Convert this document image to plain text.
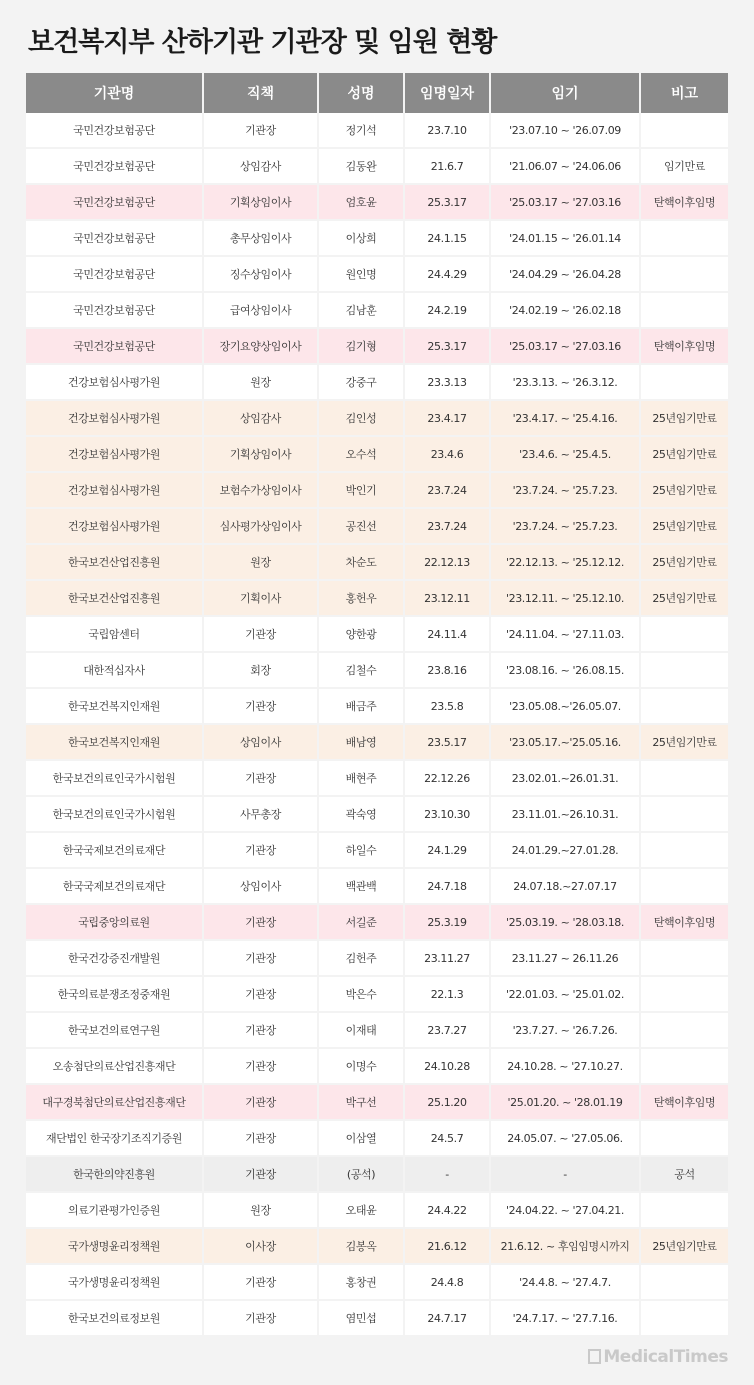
보건복지부 산하기관 기관장 및 임원 현황
기관명	직책	성명	임명일자	임기	비고
국민건강보험공단	기관장	정기석	23.7.10	'23.07.10 ~ '26.07.09	
국민건강보험공단	상임감사	김동완	21.6.7	'21.06.07 ~ '24.06.06	임기만료
국민건강보험공단	기획상임이사	엄호윤	25.3.17	'25.03.17 ~ '27.03.16	탄핵이후임명
국민건강보험공단	총무상임이사	이상희	24.1.15	'24.01.15 ~ '26.01.14	
국민건강보험공단	징수상임이사	원인명	24.4.29	'24.04.29 ~ '26.04.28	
국민건강보험공단	급여상임이사	김남훈	24.2.19	'24.02.19 ~ '26.02.18	
국민건강보험공단	장기요양상임이사	김기형	25.3.17	'25.03.17 ~ '27.03.16	탄핵이후임명
건강보험심사평가원	원장	강중구	23.3.13	'23.3.13. ~ '26.3.12.	
건강보험심사평가원	상임감사	김인성	23.4.17	'23.4.17. ~ '25.4.16.	25년임기만료
건강보험심사평가원	기획상임이사	오수석	23.4.6	'23.4.6. ~ '25.4.5.	25년임기만료
건강보험심사평가원	보험수가상임이사	박인기	23.7.24	'23.7.24. ~ '25.7.23.	25년임기만료
건강보험심사평가원	심사평가상임이사	공진선	23.7.24	'23.7.24. ~ '25.7.23.	25년임기만료
한국보건산업진흥원	원장	차순도	22.12.13	'22.12.13. ~ '25.12.12.	25년임기만료
한국보건산업진흥원	기획이사	홍헌우	23.12.11	'23.12.11. ~ '25.12.10.	25년임기만료
국립암센터	기관장	양한광	24.11.4	'24.11.04. ~ '27.11.03.	
대한적십자사	회장	김철수	23.8.16	'23.08.16. ~ '26.08.15.	
한국보건복지인재원	기관장	배금주	23.5.8	'23.05.08.~'26.05.07.	
한국보건복지인재원	상임이사	배남영	23.5.17	'23.05.17.~'25.05.16.	25년임기만료
한국보건의료인국가시험원	기관장	배현주	22.12.26	23.02.01.~26.01.31.	
한국보건의료인국가시험원	사무총장	곽숙영	23.10.30	23.11.01.~26.10.31.	
한국국제보건의료재단	기관장	하일수	24.1.29	24.01.29.~27.01.28.	
한국국제보건의료재단	상임이사	백관백	24.7.18	24.07.18.~27.07.17	
국립중앙의료원	기관장	서길준	25.3.19	'25.03.19. ~ '28.03.18.	탄핵이후임명
한국건강증진개발원	기관장	김헌주	23.11.27	23.11.27 ~ 26.11.26	
한국의료분쟁조정중재원	기관장	박은수	22.1.3	'22.01.03. ~ '25.01.02.	
한국보건의료연구원	기관장	이재태	23.7.27	'23.7.27. ~ '26.7.26.	
오송첨단의료산업진흥재단	기관장	이명수	24.10.28	24.10.28. ~ '27.10.27.	
대구경북첨단의료산업진흥재단	기관장	박구선	25.1.20	'25.01.20. ~ '28.01.19	탄핵이후임명
재단법인 한국장기조직기증원	기관장	이삼열	24.5.7	24.05.07. ~ '27.05.06.	
한국한의약진흥원	기관장	(공석)	-	-	공석
의료기관평가인증원	원장	오태윤	24.4.22	'24.04.22. ~ '27.04.21.	
국가생명윤리정책원	이사장	김봉옥	21.6.12	21.6.12. ~ 후임임명시까지	25년임기만료
국가생명윤리정책원	기관장	홍창권	24.4.8	'24.4.8. ~ '27.4.7.	
한국보건의료정보원	기관장	염민섭	24.7.17	'24.7.17. ~ '27.7.16.	
MedicalTimes
